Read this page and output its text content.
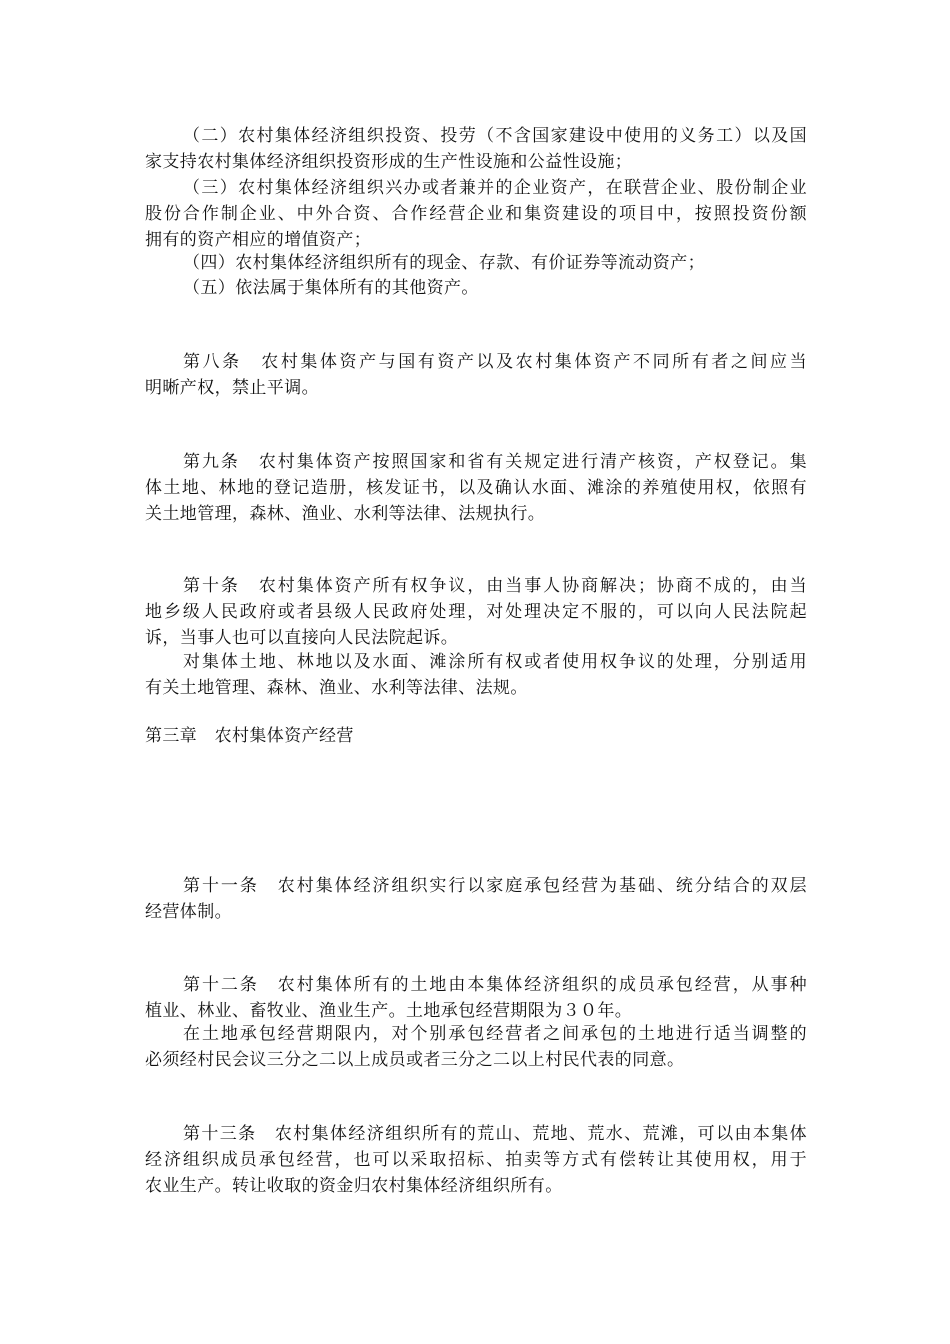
（二）农村集体经济组织投资、投劳（不含国家建设中使用的义务工）以及国
家支持农村集体经济组织投资形成的生产性设施和公益性设施；
（三）农村集体经济组织兴办或者兼并的企业资产，在联营企业、股份制企业
股份合作制企业、中外合资、合作经营企业和集资建设的项目中，按照投资份额
拥有的资产相应的增值资产；
（四）农村集体经济组织所有的现金、存款、有价证券等流动资产；
（五）依法属于集体所有的其他资产。
第八条　农村集体资产与国有资产以及农村集体资产不同所有者之间应当
明晰产权，禁止平调。
第九条　农村集体资产按照国家和省有关规定进行清产核资，产权登记。集
体土地、林地的登记造册，核发证书，以及确认水面、滩涂的养殖使用权，依照有
关土地管理，森林、渔业、水利等法律、法规执行。
第十条　农村集体资产所有权争议，由当事人协商解决；协商不成的，由当
地乡级人民政府或者县级人民政府处理，对处理决定不服的，可以向人民法院起
诉，当事人也可以直接向人民法院起诉。
对集体土地、林地以及水面、滩涂所有权或者使用权争议的处理，分别适用
有关土地管理、森林、渔业、水利等法律、法规。
第三章　农村集体资产经营
第十一条　农村集体经济组织实行以家庭承包经营为基础、统分结合的双层
经营体制。
第十二条　农村集体所有的土地由本集体经济组织的成员承包经营，从事种
植业、林业、畜牧业、渔业生产。土地承包经营期限为３０年。
在土地承包经营期限内，对个别承包经营者之间承包的土地进行适当调整的
必须经村民会议三分之二以上成员或者三分之二以上村民代表的同意。
第十三条　农村集体经济组织所有的荒山、荒地、荒水、荒滩，可以由本集体
经济组织成员承包经营，也可以采取招标、拍卖等方式有偿转让其使用权，用于
农业生产。转让收取的资金归农村集体经济组织所有。
